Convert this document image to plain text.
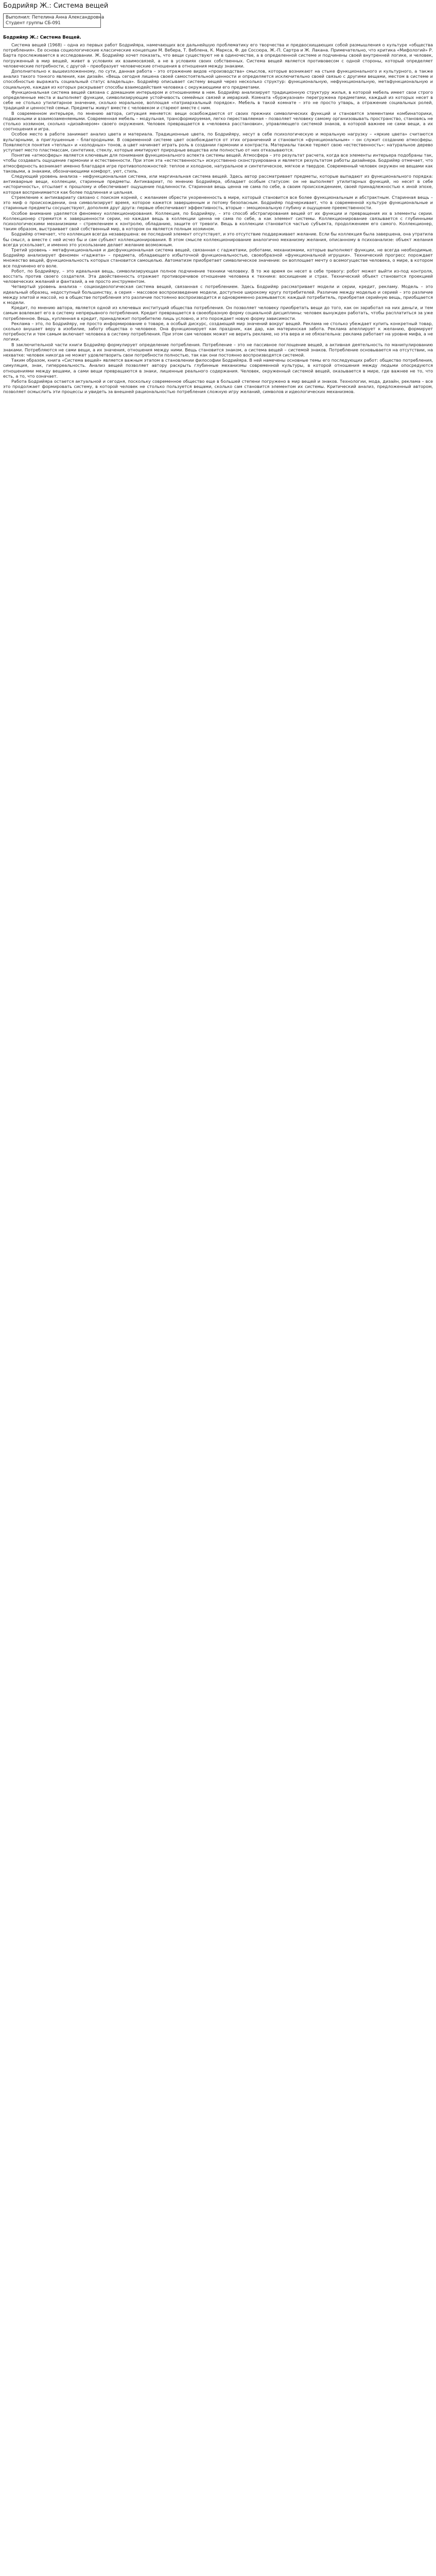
Бодрийяр Ж.: Система вещей
Выполнил: Петелина Анна Александровна
Студент группы СБ-091
Бодрийяр Ж.: Система Вещей.

Система вещей (1968) – одна из первых работ Бодрийяра, намечающих все дальнейшую проблематику его творчества и предвосхищающих собой размышления о культуре «общества потребления». Ее основа социологические классические концепции М. Вебера, Т. Веблена, К. Маркса, Ф. де Соссюра, Ж.-П. Сартра и Ж. Лакана. Примечательно, что критика «Мифологий» Р. Барта прослеживается в исследовании. Ж. Бодрийяр хочет показать, что вещи существуют не в одиночестве, а в определенной системе и подчинены своей внутренней логике, и человек, погруженный в мир вещей, живет в условиях их взаимосвязей, а не в условиях своих собственных. Система вещей является противовесом с одной стороны, который определяет человеческие потребности, с другой – преобразует человеческие отношения в отношения между знаками.

Дополнительно к вышеизложенному, по сути, данная работа – это отражение видов «производства» смыслов, которые возникают на стыке функционального и культурного, а также анализ такого тонкого явления, как дизайн. «Вещь сегодня лишена своей самостоятельной ценности и определяется исключительно своей связью с другими вещами, местом в системе и способностью выражать социальный статус владельца». Бодрийяр описывает систему вещей через несколько структур: функциональную, нефункциональную, метафункциональную и социальную, каждая из которых раскрывает способы взаимодействия человека с окружающими его предметами.

Функциональная система вещей связана с домашним интерьером и отношениями в нем. Бодрийяр анализирует традиционную структуру жилья, в которой мебель имеет свои строго определенные места и выполняет функции, символизирующие устойчивость семейных связей и иерархий. Комната «буржуазная» перегружена предметами, каждый из которых несет в себе не столько утилитарное значение, сколько моральное, воплощая «патриархальный порядок». Мебель в такой комнате – это не просто утварь, а отражение социальных ролей, традиций и ценностей семьи. Предметы живут вместе с человеком и стареют вместе с ним.

В современном интерьере, по мнению автора, ситуация меняется: вещи освобождаются от своих прежних символических функций и становятся элементами комбинаторики, подвижными и взаимозаменяемыми. Современная мебель – модульная, трансформируемая, легко переставляемая – позволяет человеку самому организовывать пространство, становясь не столько хозяином, сколько «дизайнером» своего окружения. Человек превращается в «человека расстановки», управляющего системой знаков, в которой важнее не сами вещи, а их соотношения и игра.

Особое место в работе занимает анализ цвета и материала. Традиционные цвета, по Бодрийяру, несут в себе психологическую и моральную нагрузку – «яркие цвета» считаются вульгарными, а приглушенные – благородными. В современной системе цвет освобождается от этих ограничений и становится «функциональным» – он служит созданию атмосферы. Появляются понятия «теплых» и «холодных» тонов, а цвет начинает играть роль в создании гармонии и контраста. Материалы также теряют свою «естественность»: натуральное дерево уступает место пластмассам, синтетике, стеклу, которые имитируют природные вещества или полностью от них отказываются.

Понятие «атмосферы» является ключевым для понимания функционального аспекта системы вещей. Атмосфера – это результат расчета, когда все элементы интерьера подобраны так, чтобы создавать ощущение гармонии и естественности. При этом эта «естественность» искусственно сконструирована и является результатом работы дизайнера. Бодрийяр отмечает, что атмосферность возникает именно благодаря игре противоположностей: теплое и холодное, натуральное и синтетическое, мягкое и твердое. Современный человек окружен не вещами как таковыми, а знаками, обозначающими комфорт, уют, стиль.

Следующий уровень анализа – нефункциональная система, или маргинальная система вещей. Здесь автор рассматривает предметы, которые выпадают из функционального порядка: антикварные вещи, коллекции, старинные предметы. Антиквариат, по мнению Бодрийяра, обладает особым статусом: он не выполняет утилитарных функций, но несет в себе «историчность», отсылает к прошлому и обеспечивает ощущение подлинности. Старинная вещь ценна не сама по себе, а своим происхождением, своей принадлежностью к иной эпохе, которая воспринимается как более подлинная и цельная.

Стремление к антиквариату связано с поиском корней, с желанием обрести укорененность в мире, который становится все более функциональным и абстрактным. Старинная вещь – это миф о происхождении, она символизирует время, которое кажется завершенным и потому безопасным. Бодрийяр подчеркивает, что в современной культуре функциональные и старинные предметы сосуществуют, дополняя друг друга: первые обеспечивают эффективность, вторые – эмоциональную глубину и ощущение преемственности.

Особое внимание уделяется феномену коллекционирования. Коллекция, по Бодрийяру, – это способ абстрагирования вещей от их функции и превращения их в элементы серии. Коллекционер стремится к завершенности серии, но каждая вещь в коллекции ценна не сама по себе, а как элемент системы. Коллекционирование связывается с глубинными психологическими механизмами – стремлением к контролю, обладанию, защите от тревоги. Вещь в коллекции становится частью субъекта, продолжением его самого. Коллекционер, таким образом, выстраивает свой собственный мир, в котором он является полным хозяином.

Бодрийяр отмечает, что коллекция всегда незавершена: ее последний элемент отсутствует, и это отсутствие поддерживает желание. Если бы коллекция была завершена, она утратила бы смысл, а вместе с ней исчез бы и сам субъект коллекционирования. В этом смысле коллекционирование аналогично механизму желания, описанному в психоанализе: объект желания всегда ускользает, и именно это ускользание делает желание возможным.

Третий уровень – метафункциональная и дисфункциональная система вещей, связанная с гаджетами, роботами, механизмами, которые выполняют функции, не всегда необходимые. Бодрийяр анализирует феномен «гаджета» – предмета, обладающего избыточной функциональностью, своеобразной «функциональной игрушки». Технический прогресс порождает множество вещей, функциональность которых становится самоцелью. Автоматизм приобретает символическое значение: он воплощает мечту о всемогуществе человека, о мире, в котором все подчинено его воле.

Робот, по Бодрийяру, – это идеальная вещь, символизирующая полное подчинение техники человеку. В то же время он несет в себе тревогу: робот может выйти из-под контроля, восстать против своего создателя. Эта двойственность отражает противоречивое отношение человека к технике: восхищение и страх. Технический объект становится проекцией человеческих желаний и фантазий, а не просто инструментом.

Четвертый уровень анализа – социоидеологическая система вещей, связанная с потреблением. Здесь Бодрийяр рассматривает модели и серии, кредит, рекламу. Модель – это идеальный образец, недоступный большинству, а серия – массовое воспроизведение модели, доступное широкому кругу потребителей. Различие между моделью и серией – это различие между элитой и массой, но в обществе потребления это различие постоянно воспроизводится и одновременно размывается: каждый потребитель, приобретая серийную вещь, приобщается к модели.

Кредит, по мнению автора, является одной из ключевых институций общества потребления. Он позволяет человеку приобретать вещи до того, как он заработал на них деньги, и тем самым вовлекает его в систему непрерывного потребления. Кредит превращается в своеобразную форму социальной дисциплины: человек вынужден работать, чтобы расплатиться за уже потребленное. Вещь, купленная в кредит, принадлежит потребителю лишь условно, и это порождает новую форму зависимости.

Реклама – это, по Бодрийяру, не просто информирование о товаре, а особый дискурс, создающий мир значений вокруг вещей. Реклама не столько убеждает купить конкретный товар, сколько внушает веру в изобилие, заботу общества о человеке. Она функционирует как праздник, как дар, как материнская забота. Реклама апеллирует к желанию, формирует потребности и тем самым включает человека в систему потребления. При этом сам человек может не верить рекламе, но эта вера и не обязательна: реклама работает на уровне мифа, а не логики.

В заключительной части книги Бодрийяр формулирует определение потребления. Потребление – это не пассивное поглощение вещей, а активная деятельность по манипулированию знаками. Потребляются не сами вещи, а их значения, отношения между ними. Вещь становится знаком, а система вещей – системой знаков. Потребление основывается на отсутствии, на нехватке: человек никогда не может удовлетворить свои потребности полностью, так как они постоянно воспроизводятся системой.

Таким образом, книга «Система вещей» является важным этапом в становлении философии Бодрийяра. В ней намечены основные темы его последующих работ: общество потребления, симуляция, знак, гиперреальность. Анализ вещей позволяет автору раскрыть глубинные механизмы современной культуры, в которой отношения между людьми опосредуются отношениями между вещами, а сами вещи превращаются в знаки, лишенные реального содержания. Человек, окруженный системой вещей, оказывается в мире, где важнее не то, что есть, а то, что означает.

Работа Бодрийяра остается актуальной и сегодня, поскольку современное общество еще в большей степени погружено в мир вещей и знаков. Технологии, мода, дизайн, реклама – все это продолжает формировать систему, в которой человек не столько пользуется вещами, сколько сам становится элементом их системы. Критический анализ, предложенный автором, позволяет осмыслить эти процессы и увидеть за внешней рациональностью потребления сложную игру желаний, символов и идеологических механизмов.
